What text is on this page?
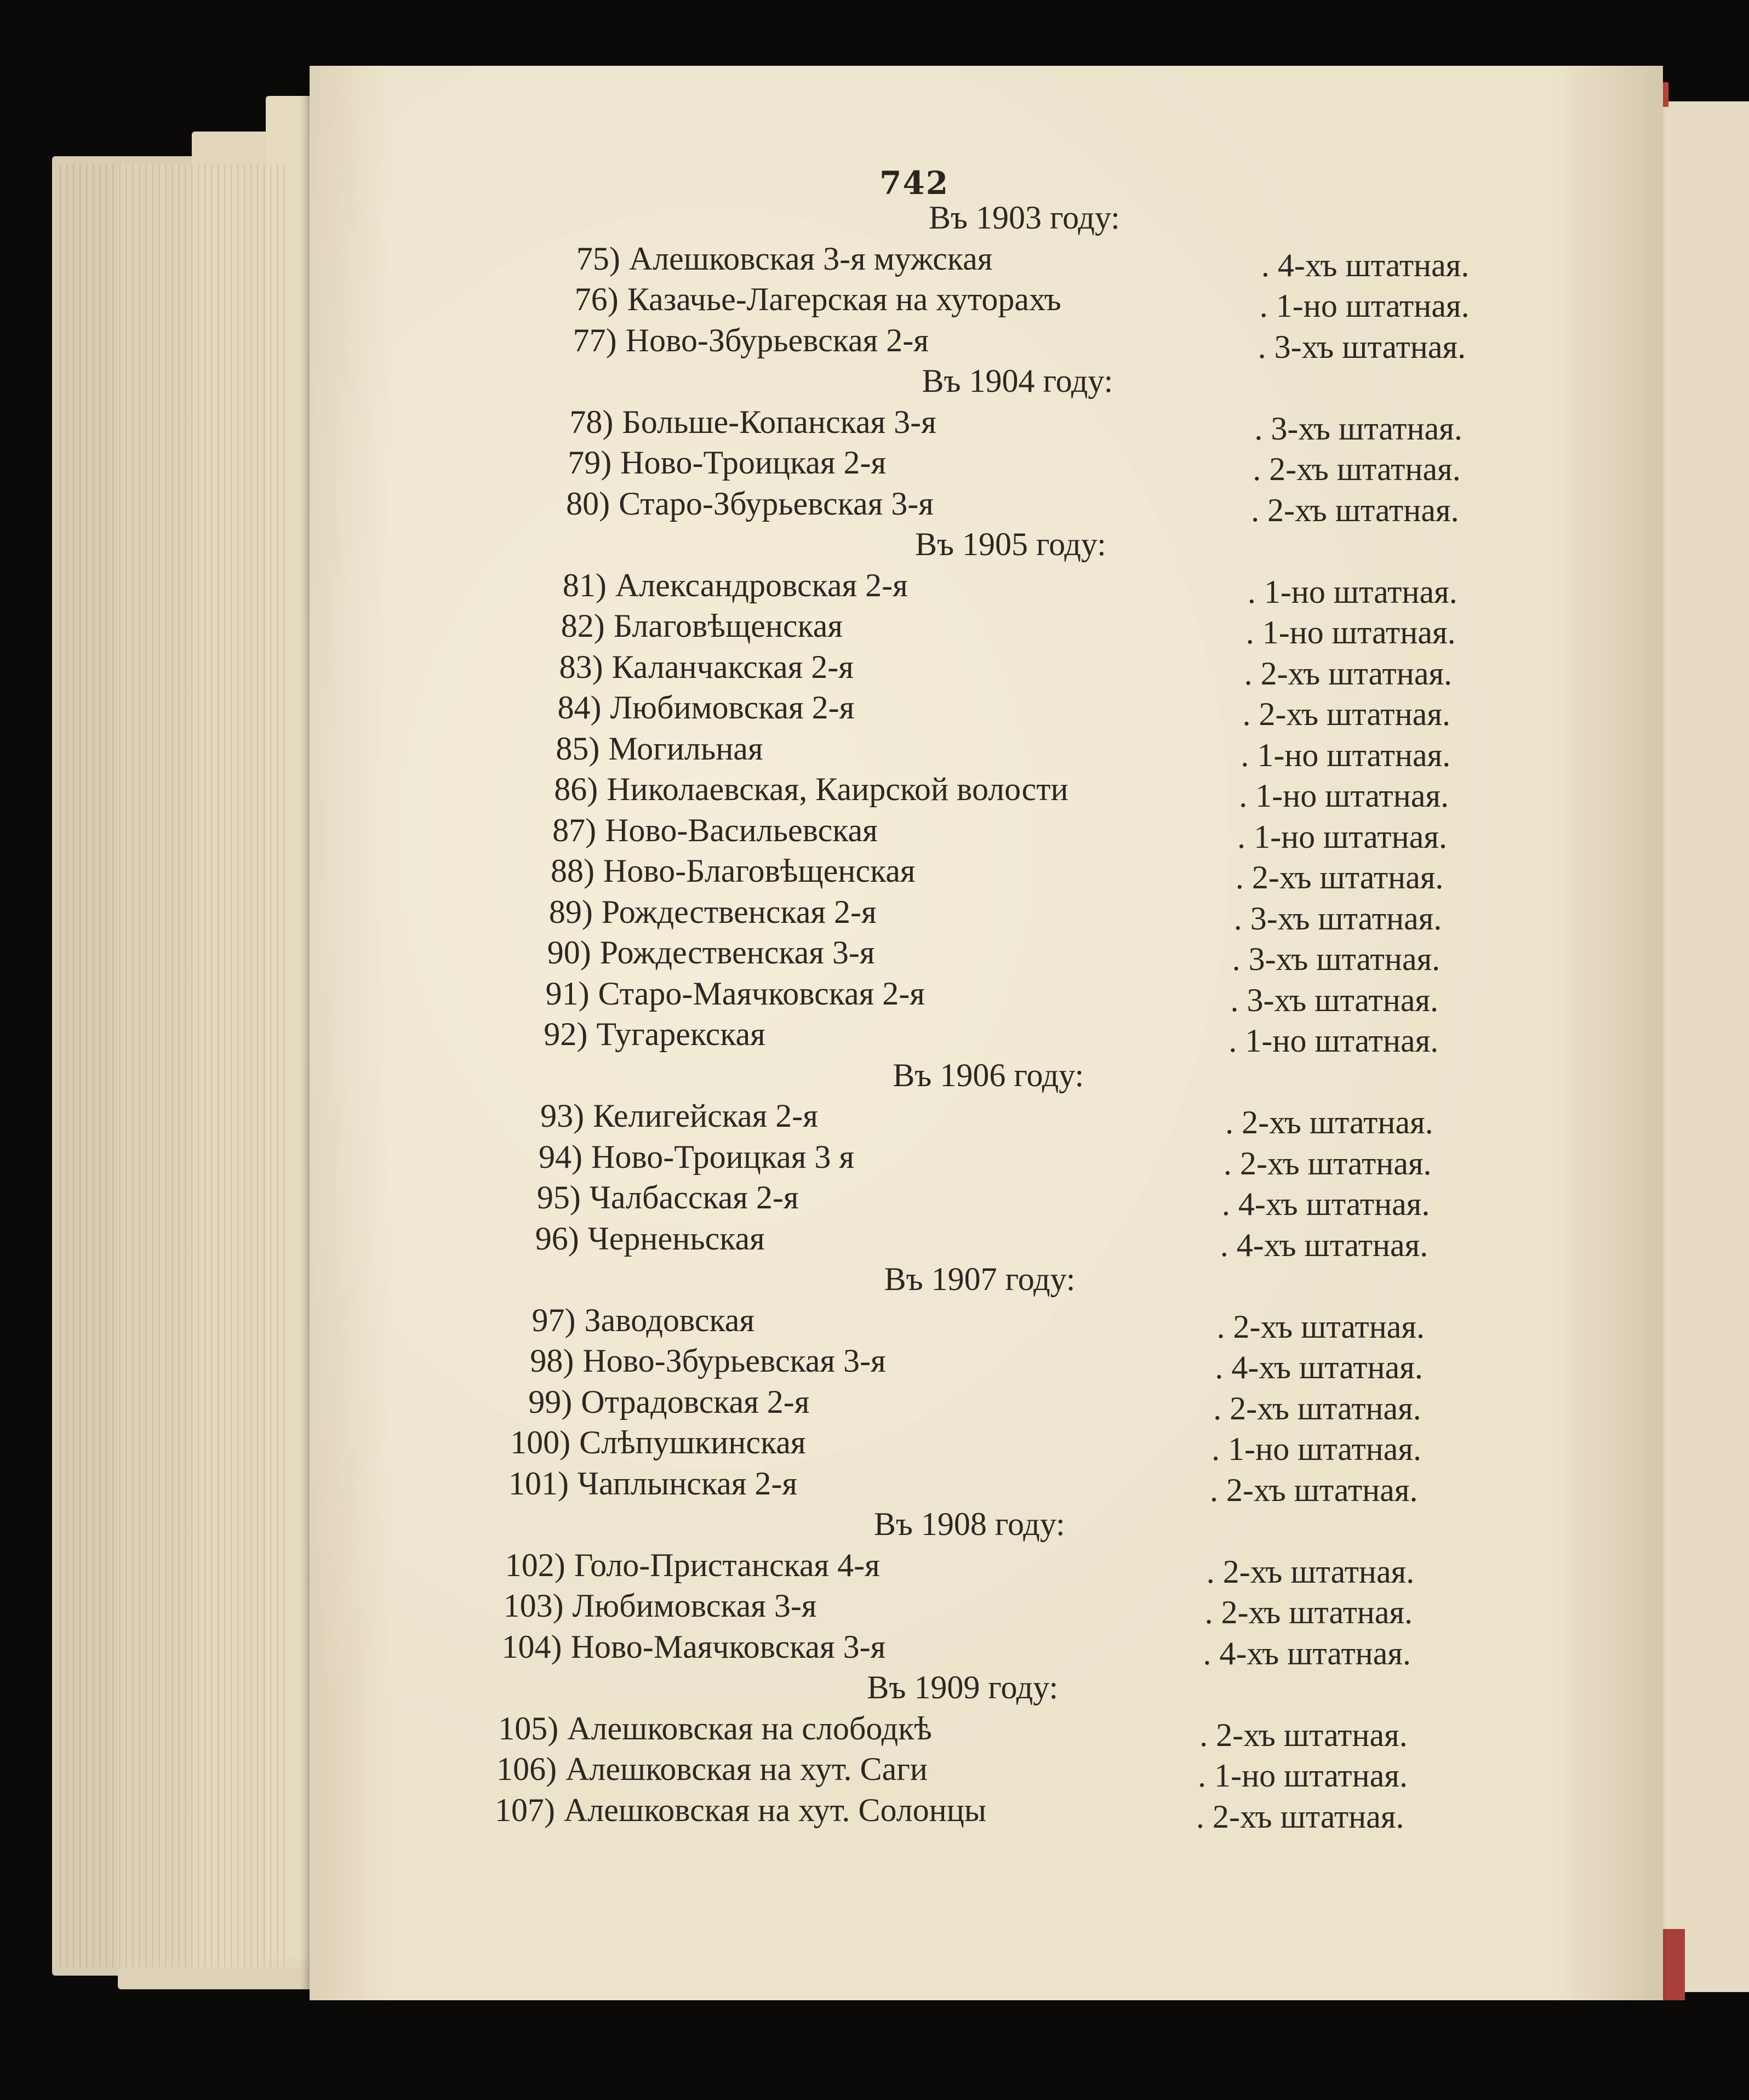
742
Въ 1903 году:
75) Алешковская 3-я мужская	. 4-хъ штатная.
76) Казачье-Лагерская на хуторахъ	. 1-но штатная.
77) Ново-Збурьевская 2-я	. 3-хъ штатная.
Въ 1904 году:
78) Больше-Копанская 3-я	. 3-хъ штатная.
79) Ново-Троицкая 2-я	. 2-хъ штатная.
80) Старо-Збурьевская 3-я	. 2-хъ штатная.
Въ 1905 году:
81) Александровская 2-я	. 1-но штатная.
82) Благовѣщенская	. 1-но штатная.
83) Каланчакская 2-я	. 2-хъ штатная.
84) Любимовская 2-я	. 2-хъ штатная.
85) Могильная	. 1-но штатная.
86) Николаевская, Каирской волости	. 1-но штатная.
87) Ново-Васильевская	. 1-но штатная.
88) Ново-Благовѣщенская	. 2-хъ штатная.
89) Рождественская 2-я	. 3-хъ штатная.
90) Рождественская 3-я	. 3-хъ штатная.
91) Старо-Маячковская 2-я	. 3-хъ штатная.
92) Тугарекская	. 1-но штатная.
Въ 1906 году:
93) Келигейская 2-я	. 2-хъ штатная.
94) Ново-Троицкая 3 я	. 2-хъ штатная.
95) Чалбасская 2-я	. 4-хъ штатная.
96) Черненьская	. 4-хъ штатная.
Въ 1907 году:
97) Заводовская	. 2-хъ штатная.
98) Ново-Збурьевская 3-я	. 4-хъ штатная.
99) Отрадовская 2-я	. 2-хъ штатная.
100) Слѣпушкинская	. 1-но штатная.
101) Чаплынская 2-я	. 2-хъ штатная.
Въ 1908 году:
102) Голо-Пристанская 4-я	. 2-хъ штатная.
103) Любимовская 3-я	. 2-хъ штатная.
104) Ново-Маячковская 3-я	. 4-хъ штатная.
Въ 1909 году:
105) Алешковская на слободкѣ	. 2-хъ штатная.
106) Алешковская на хут. Саги	. 1-но штатная.
107) Алешковская на хут. Солонцы	. 2-хъ штатная.
